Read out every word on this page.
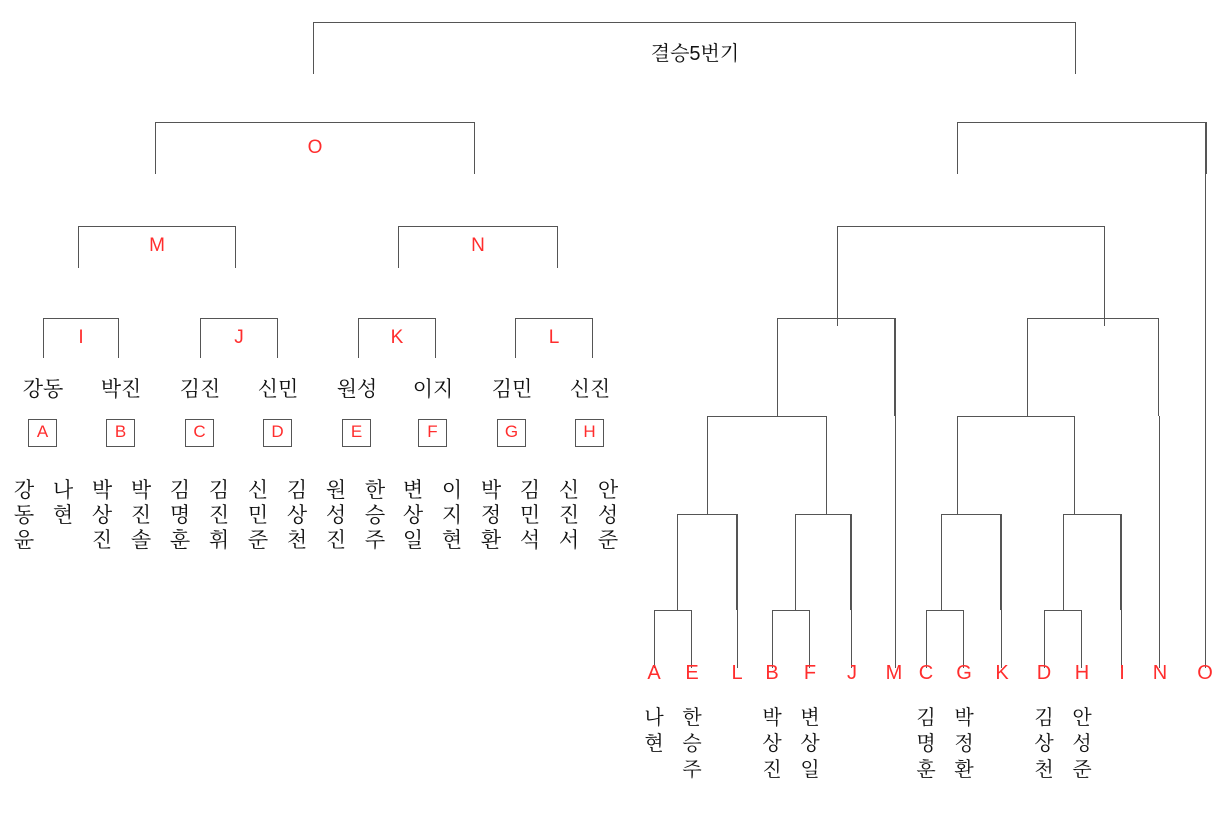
결승5번기
O
M	N
I	J	K	L
강동	박진	김진	신민	원성	이지	김민	신진
A	B	C	D	E	F	G	H
강
동
윤
나
현
박
상
진
박
진
솔
김
명
훈
김
진
휘
신
민
준
김
상
천
원
성
진
한
승
주
변
상
일
이
지
현
박
정
환
김
민
석
신
진
서
안
성
준
A E L B F	J	M C G K D H	I	N O
나현
한승주
박상진
변상일
김명훈
박정환
김상천
안성준
